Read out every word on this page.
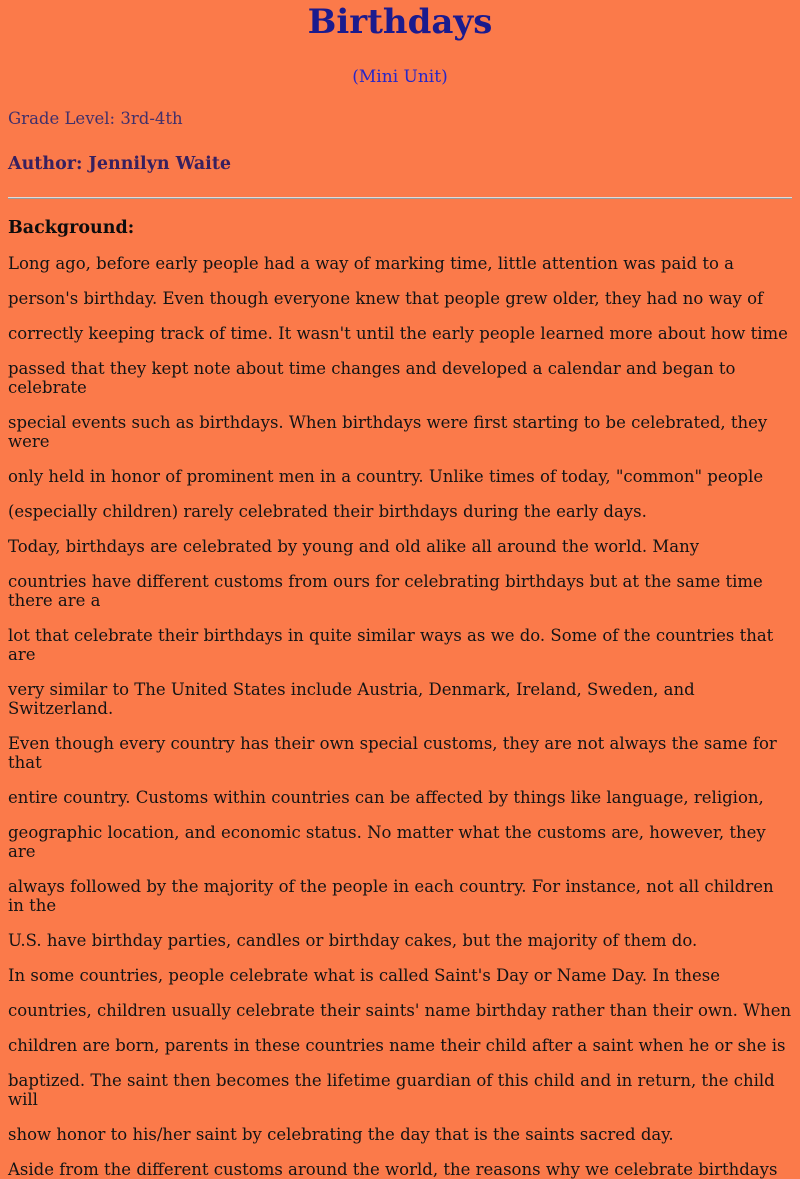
Birthdays

(Mini Unit)

Grade Level: 3rd-4th

Author: Jennilyn Waite

Background:

Long ago, before early people had a way of marking time, little attention was paid to a

person's birthday. Even though everyone knew that people grew older, they had no way of

correctly keeping track of time. It wasn't until the early people learned more about how time

passed that they kept note about time changes and developed a calendar and began to celebrate

special events such as birthdays. When birthdays were first starting to be celebrated, they were

only held in honor of prominent men in a country. Unlike times of today, "common" people

(especially children) rarely celebrated their birthdays during the early days.

Today, birthdays are celebrated by young and old alike all around the world. Many

countries have different customs from ours for celebrating birthdays but at the same time there are a

lot that celebrate their birthdays in quite similar ways as we do. Some of the countries that are

very similar to The United States include Austria, Denmark, Ireland, Sweden, and Switzerland.

Even though every country has their own special customs, they are not always the same for that

entire country. Customs within countries can be affected by things like language, religion,

geographic location, and economic status. No matter what the customs are, however, they are

always followed by the majority of the people in each country. For instance, not all children in the

U.S. have birthday parties, candles or birthday cakes, but the majority of them do.

In some countries, people celebrate what is called Saint's Day or Name Day. In these

countries, children usually celebrate their saints' name birthday rather than their own. When

children are born, parents in these countries name their child after a saint when he or she is

baptized. The saint then becomes the lifetime guardian of this child and in return, the child will

show honor to his/her saint by celebrating the day that is the saints sacred day.

Aside from the different customs around the world, the reasons why we celebrate birthdays
